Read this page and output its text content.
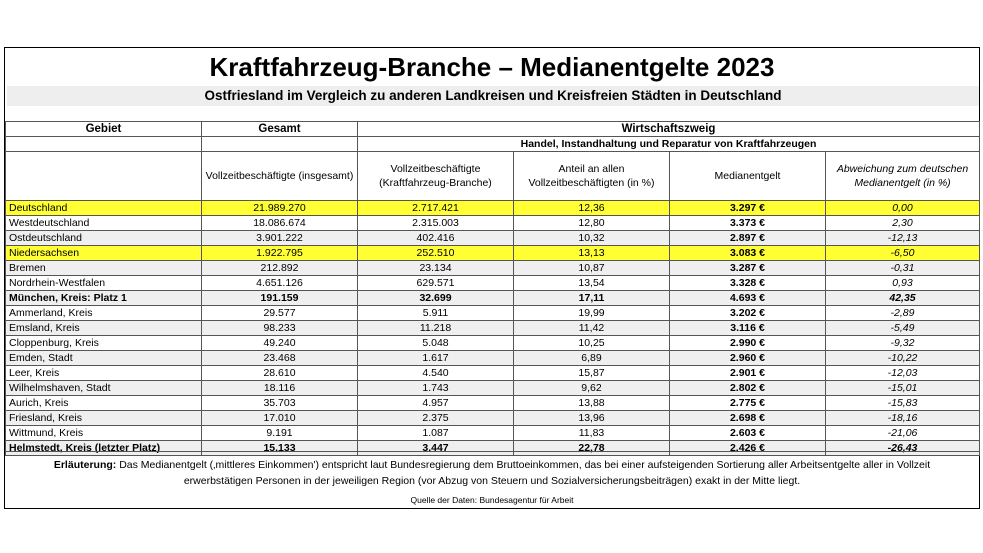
Kraftfahrzeug-Branche – Medianentgelte 2023
Ostfriesland im Vergleich zu anderen Landkreisen und Kreisfreien Städten in Deutschland
Gebiet	Gesamt	Wirtschaftszweig			
		Handel, Instandhaltung und Reparatur von Kraftfahrzeugen			
	Vollzeitbeschäftigte (insgesamt)	Vollzeitbeschäftigte (Kraftfahrzeug-Branche)	Anteil an allen Vollzeitbeschäftigten (in %)	Medianentgelt	Abweichung zum deutschen Medianentgelt (in %)
Deutschland	21.989.270	2.717.421	12,36	3.297 €	0,00
Westdeutschland	18.086.674	2.315.003	12,80	3.373 €	2,30
Ostdeutschland	3.901.222	402.416	10,32	2.897 €	-12,13
Niedersachsen	1.922.795	252.510	13,13	3.083 €	-6,50
Bremen	212.892	23.134	10,87	3.287 €	-0,31
Nordrhein-Westfalen	4.651.126	629.571	13,54	3.328 €	0,93
München, Kreis: Platz 1	191.159	32.699	17,11	4.693 €	42,35
Ammerland, Kreis	29.577	5.911	19,99	3.202 €	-2,89
Emsland, Kreis	98.233	11.218	11,42	3.116 €	-5,49
Cloppenburg, Kreis	49.240	5.048	10,25	2.990 €	-9,32
Emden, Stadt	23.468	1.617	6,89	2.960 €	-10,22
Leer, Kreis	28.610	4.540	15,87	2.901 €	-12,03
Wilhelmshaven, Stadt	18.116	1.743	9,62	2.802 €	-15,01
Aurich, Kreis	35.703	4.957	13,88	2.775 €	-15,83
Friesland, Kreis	17.010	2.375	13,96	2.698 €	-18,16
Wittmund, Kreis	9.191	1.087	11,83	2.603 €	-21,06
Helmstedt, Kreis (letzter Platz)	15.133	3.447	22,78	2.426 €	-26,43
Erläuterung: Das Medianentgelt (‚mittleres Einkommen') entspricht laut Bundesregierung dem Bruttoeinkommen, das bei einer aufsteigenden Sortierung aller Arbeitsentgelte aller in Vollzeit erwerbstätigen Personen in der jeweiligen Region (vor Abzug von Steuern und Sozialversicherungsbeiträgen) exakt in der Mitte liegt.
Quelle der Daten: Bundesagentur für Arbeit
